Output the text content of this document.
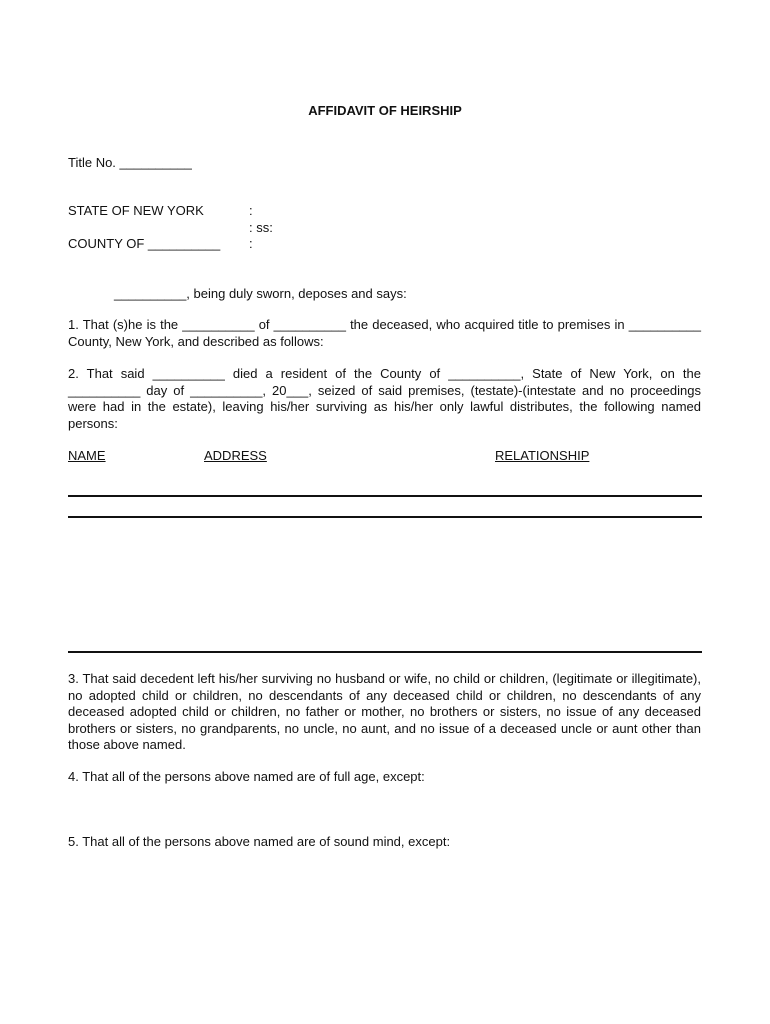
AFFIDAVIT OF HEIRSHIP
Title No. __________
STATE OF NEW YORK	:
: ss:
COUNTY OF __________ :
__________, being duly sworn, deposes and says:
1. That (s)he is the __________ of __________ the deceased, who acquired title to premises in __________ County, New York, and described as follows:
2. That said __________ died a resident of the County of __________, State of New York, on the __________ day of __________, 20___, seized of said premises, (testate)-(intestate and no proceedings were had in the estate), leaving his/her surviving as his/her only lawful distributes, the following named persons:
NAME	ADDRESS	RELATIONSHIP
3. That said decedent left his/her surviving no husband or wife, no child or children, (legitimate or illegitimate), no adopted child or children, no descendants of any deceased child or children, no descendants of any deceased adopted child or children, no father or mother, no brothers or sisters, no issue of any deceased brothers or sisters, no grandparents, no uncle, no aunt, and no issue of a deceased uncle or aunt other than those above named.
4. That all of the persons above named are of full age, except:
5. That all of the persons above named are of sound mind, except:
